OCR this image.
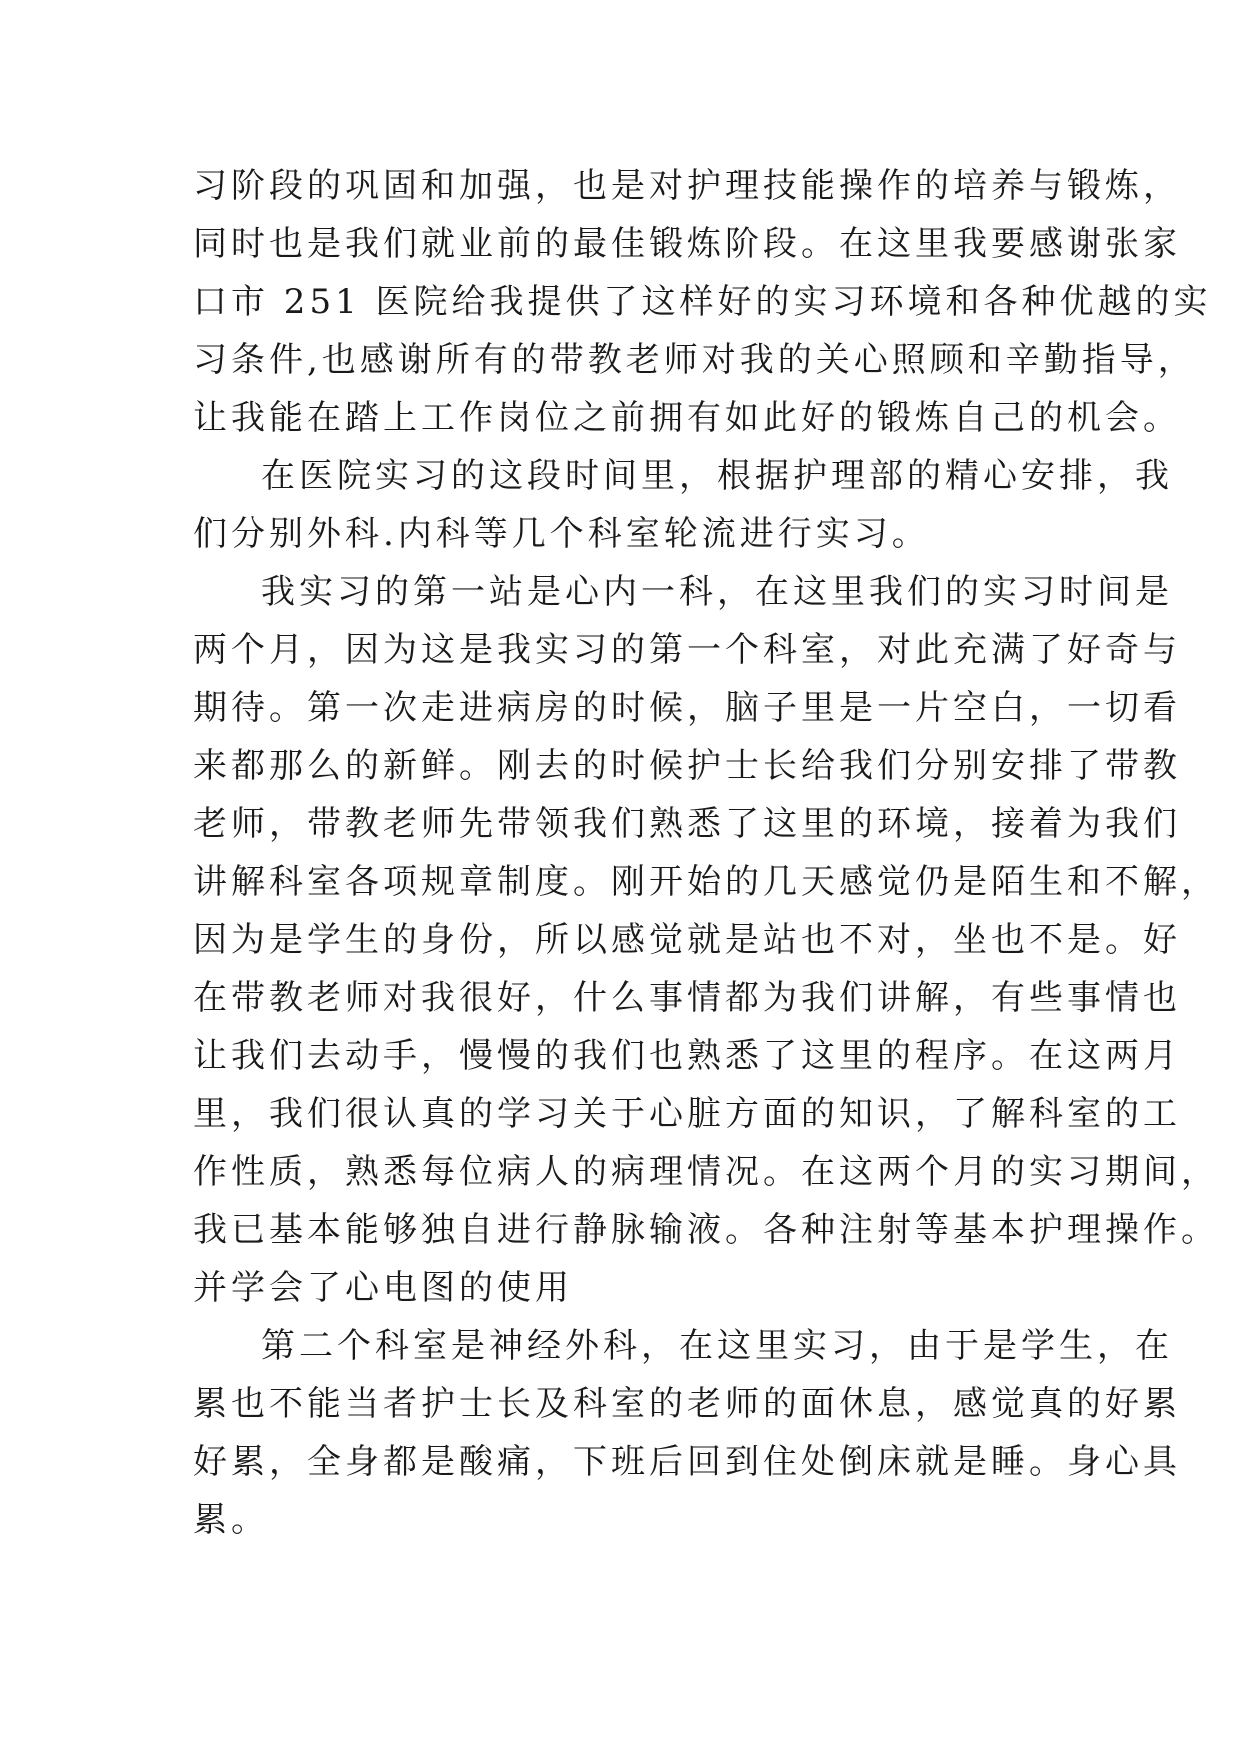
习阶段的巩固和加强，也是对护理技能操作的培养与锻炼，
同时也是我们就业前的最佳锻炼阶段。在这里我要感谢张家
口市 251 医院给我提供了这样好的实习环境和各种优越的实
习条件,也感谢所有的带教老师对我的关心照顾和辛勤指导，
让我能在踏上工作岗位之前拥有如此好的锻炼自己的机会。
在医院实习的这段时间里，根据护理部的精心安排，我
们分别外科.内科等几个科室轮流进行实习。
我实习的第一站是心内一科，在这里我们的实习时间是
两个月，因为这是我实习的第一个科室，对此充满了好奇与
期待。第一次走进病房的时候，脑子里是一片空白，一切看
来都那么的新鲜。刚去的时候护士长给我们分别安排了带教
老师，带教老师先带领我们熟悉了这里的环境，接着为我们
讲解科室各项规章制度。刚开始的几天感觉仍是陌生和不解，
因为是学生的身份，所以感觉就是站也不对，坐也不是。好
在带教老师对我很好，什么事情都为我们讲解，有些事情也
让我们去动手，慢慢的我们也熟悉了这里的程序。在这两月
里，我们很认真的学习关于心脏方面的知识，了解科室的工
作性质，熟悉每位病人的病理情况。在这两个月的实习期间，
我已基本能够独自进行静脉输液。各种注射等基本护理操作。
并学会了心电图的使用
第二个科室是神经外科，在这里实习，由于是学生，在
累也不能当者护士长及科室的老师的面休息，感觉真的好累
好累，全身都是酸痛，下班后回到住处倒床就是睡。身心具
累。
